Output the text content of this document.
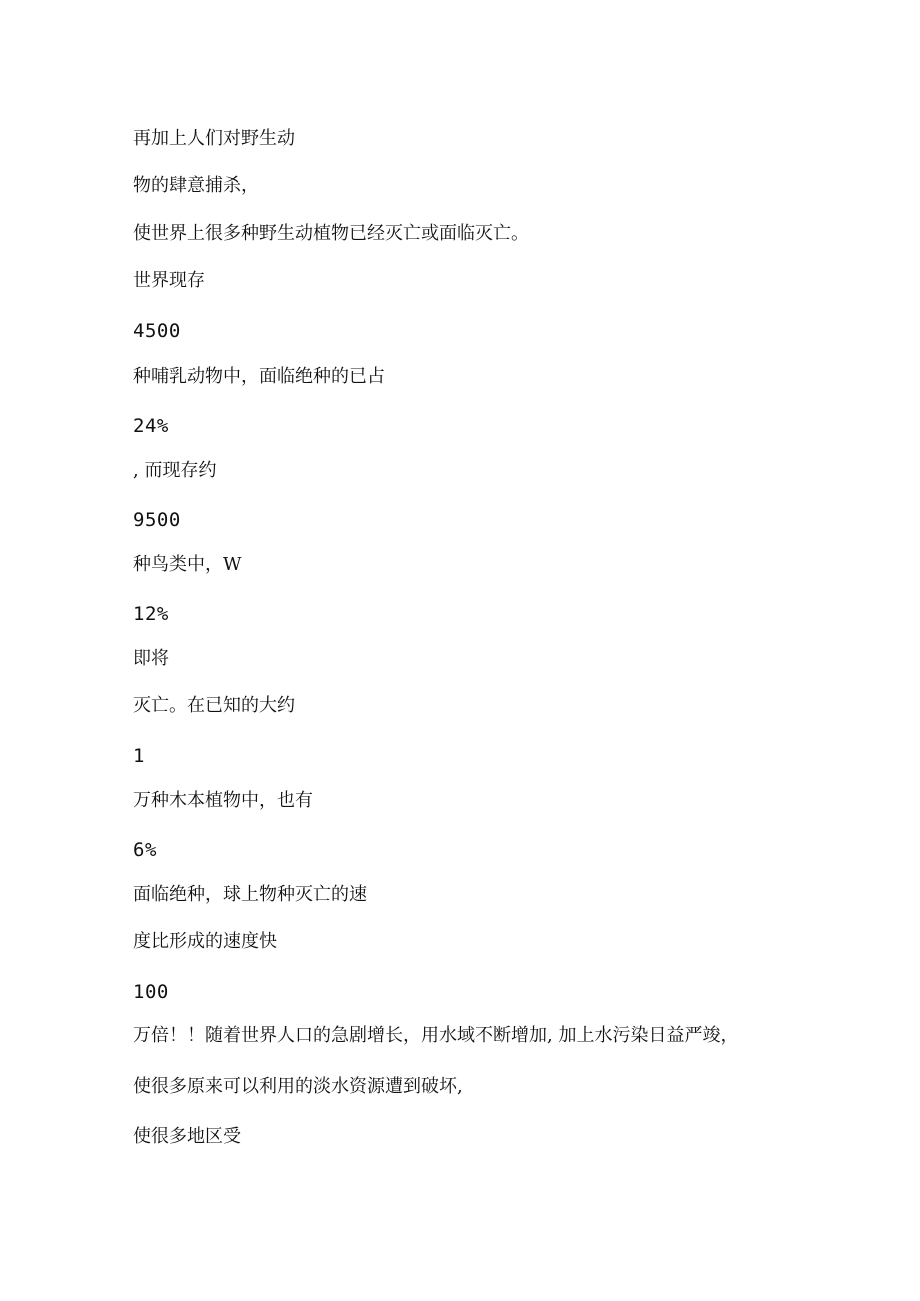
再加上人们对野生动

物的肆意捕杀，

使世界上很多种野生动植物已经灭亡或面临灭亡。

世界现存

4500

种哺乳动物中，面临绝种的已占

24%

, 而现存约

9500

种鸟类中，W

12%

即将

灭亡。在已知的大约

1

万种木本植物中，也有

6%

面临绝种，球上物种灭亡的速

度比形成的速度快

100

万倍！！随着世界人口的急剧增长，用水域不断增加, 加上水污染日益严竣，

使很多原来可以利用的淡水资源遭到破坏,

使很多地区受
